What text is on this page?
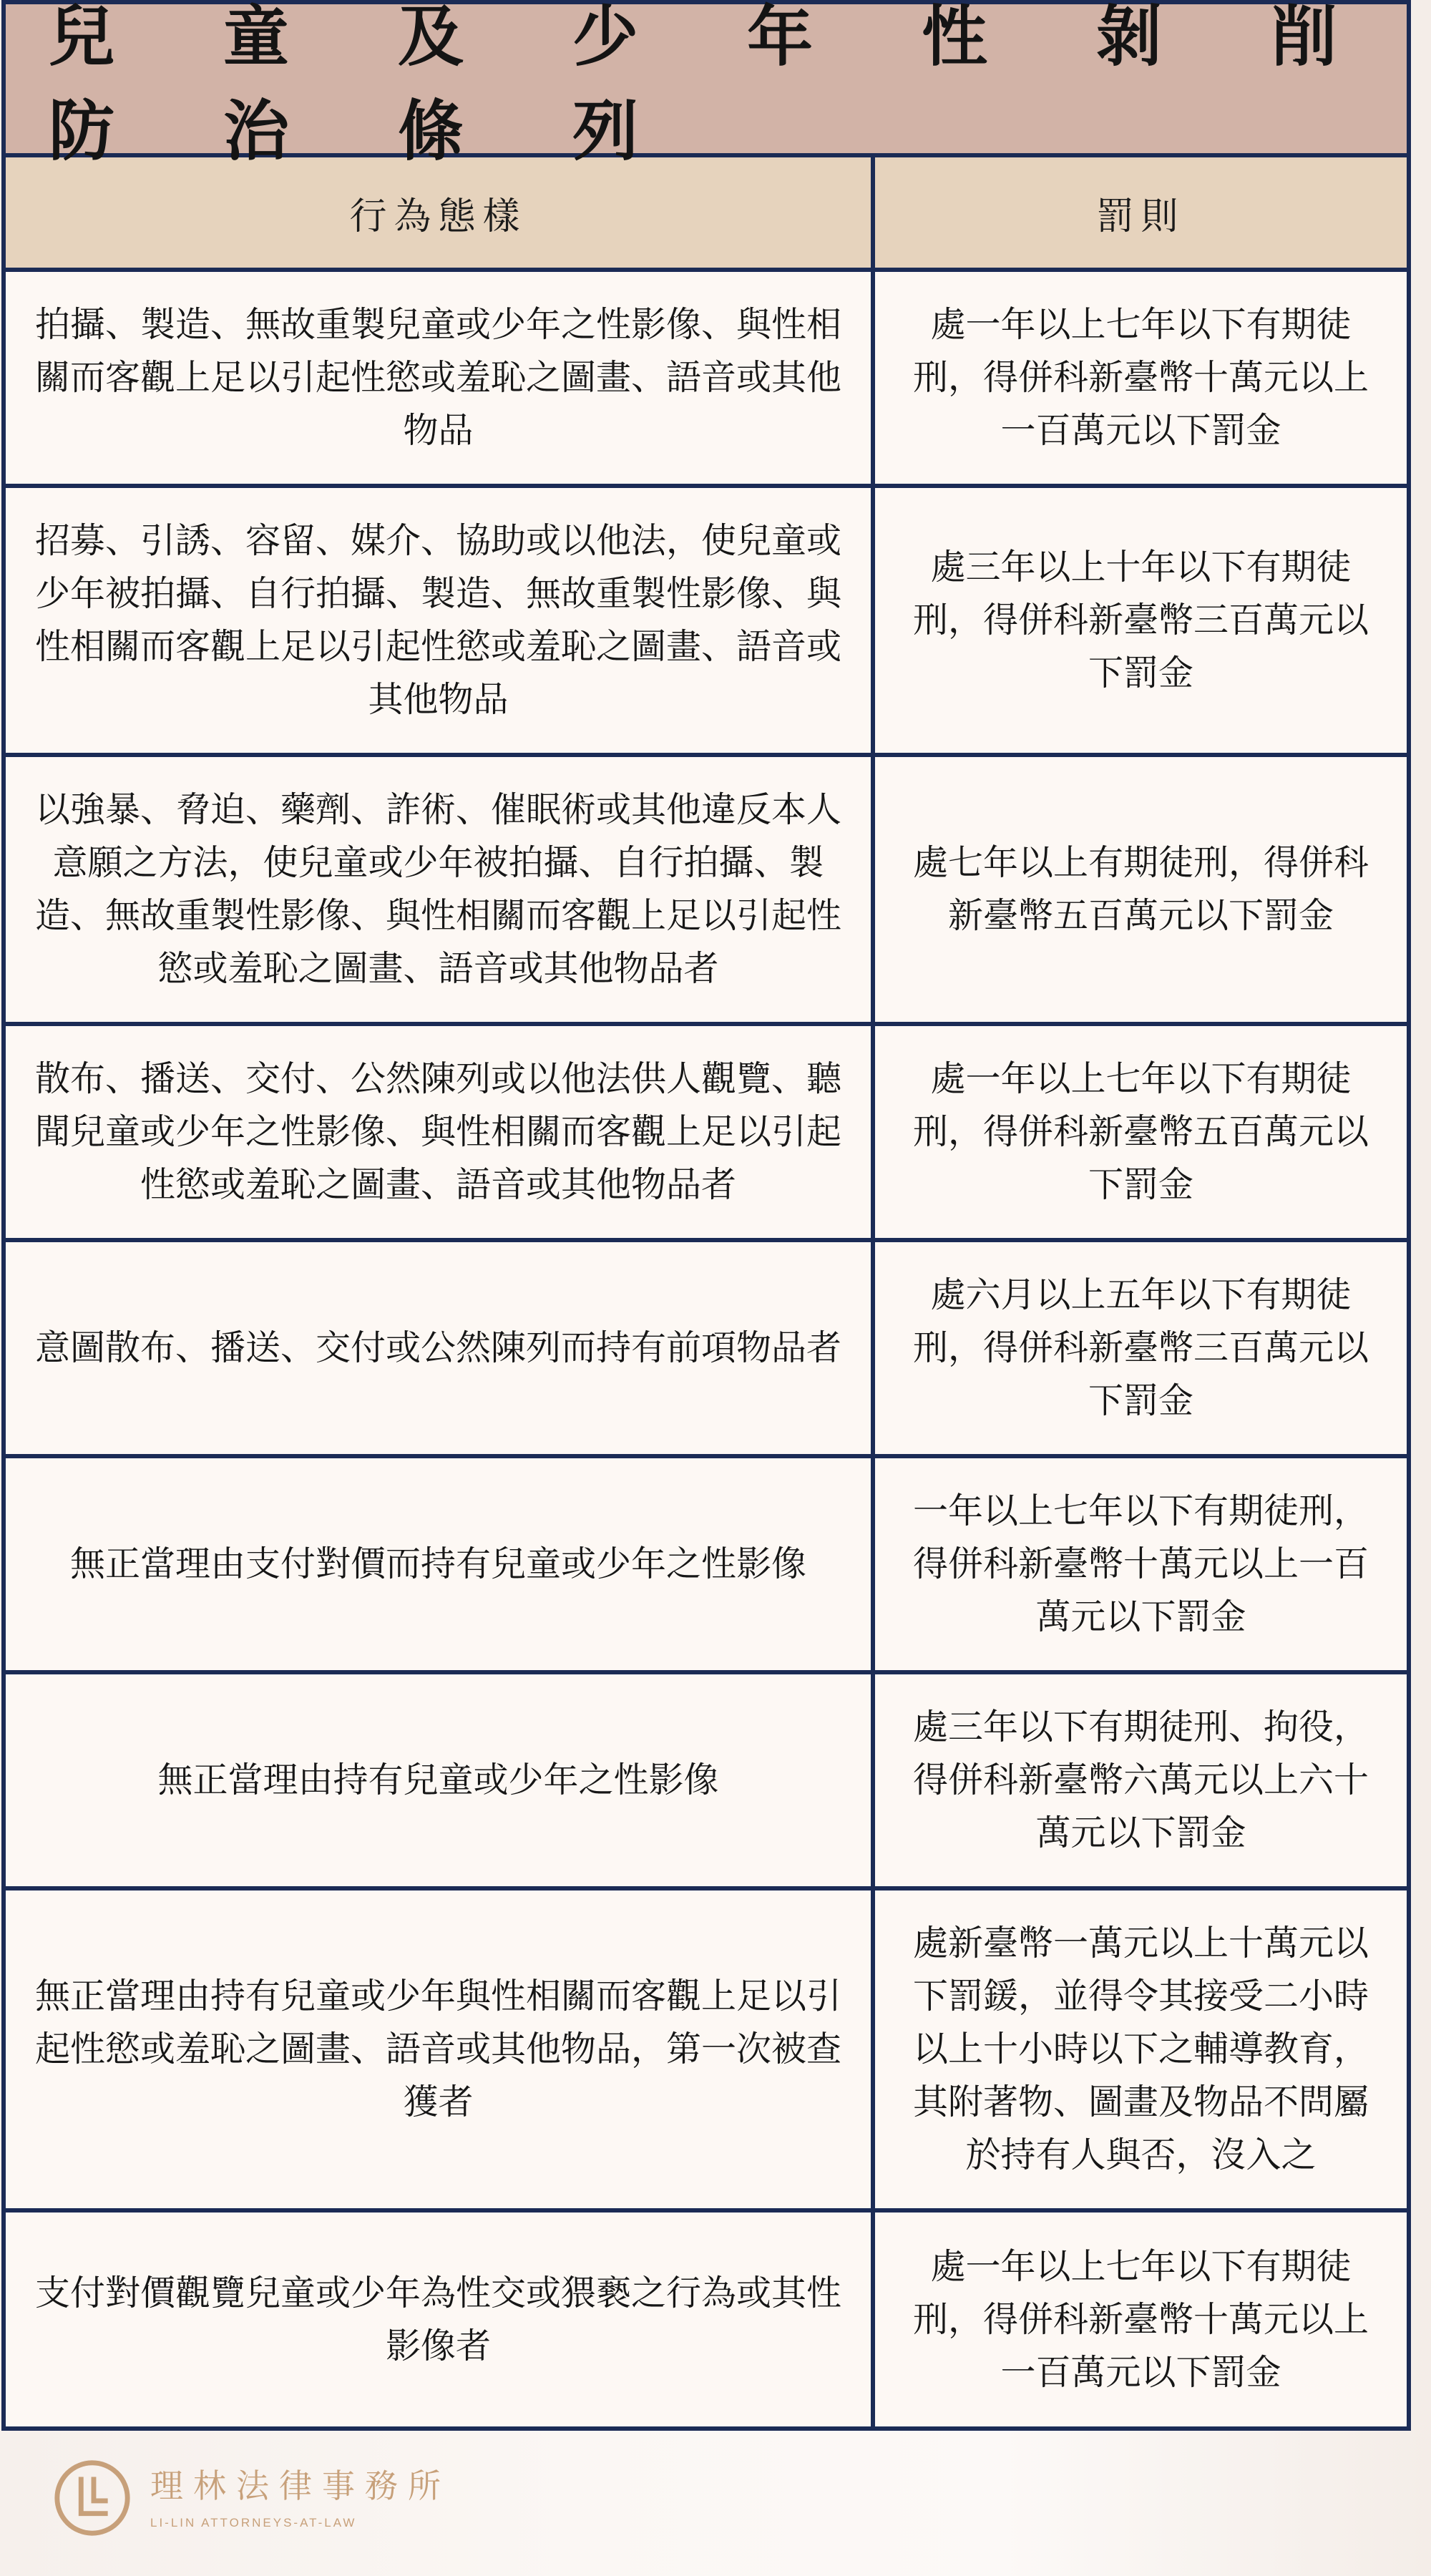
兒 童 及 少 年 性 剝 削 防 治 條 列
行為態樣	罰則
拍攝、製造、無故重製兒童或少年之性影像、與性相關而客觀上足以引起性慾或羞恥之圖畫、語音或其他物品	處一年以上七年以下有期徒刑，得併科新臺幣十萬元以上一百萬元以下罰金
招募、引誘、容留、媒介、協助或以他法，使兒童或少年被拍攝、自行拍攝、製造、無故重製性影像、與性相關而客觀上足以引起性慾或羞恥之圖畫、語音或其他物品	處三年以上十年以下有期徒刑，得併科新臺幣三百萬元以下罰金
以強暴、脅迫、藥劑、詐術、催眠術或其他違反本人意願之方法，使兒童或少年被拍攝、自行拍攝、製造、無故重製性影像、與性相關而客觀上足以引起性慾或羞恥之圖畫、語音或其他物品者	處七年以上有期徒刑，得併科新臺幣五百萬元以下罰金
散布、播送、交付、公然陳列或以他法供人觀覽、聽聞兒童或少年之性影像、與性相關而客觀上足以引起性慾或羞恥之圖畫、語音或其他物品者	處一年以上七年以下有期徒刑，得併科新臺幣五百萬元以下罰金
意圖散布、播送、交付或公然陳列而持有前項物品者	處六月以上五年以下有期徒刑，得併科新臺幣三百萬元以下罰金
無正當理由支付對價而持有兒童或少年之性影像	一年以上七年以下有期徒刑，得併科新臺幣十萬元以上一百萬元以下罰金
無正當理由持有兒童或少年之性影像	處三年以下有期徒刑、拘役，得併科新臺幣六萬元以上六十萬元以下罰金
無正當理由持有兒童或少年與性相關而客觀上足以引起性慾或羞恥之圖畫、語音或其他物品，第一次被查獲者	處新臺幣一萬元以上十萬元以下罰鍰，並得令其接受二小時以上十小時以下之輔導教育，其附著物、圖畫及物品不問屬於持有人與否，沒入之
支付對價觀覽兒童或少年為性交或猥褻之行為或其性影像者	處一年以上七年以下有期徒刑，得併科新臺幣十萬元以上一百萬元以下罰金
理林法律事務所
LI-LIN ATTORNEYS-AT-LAW
